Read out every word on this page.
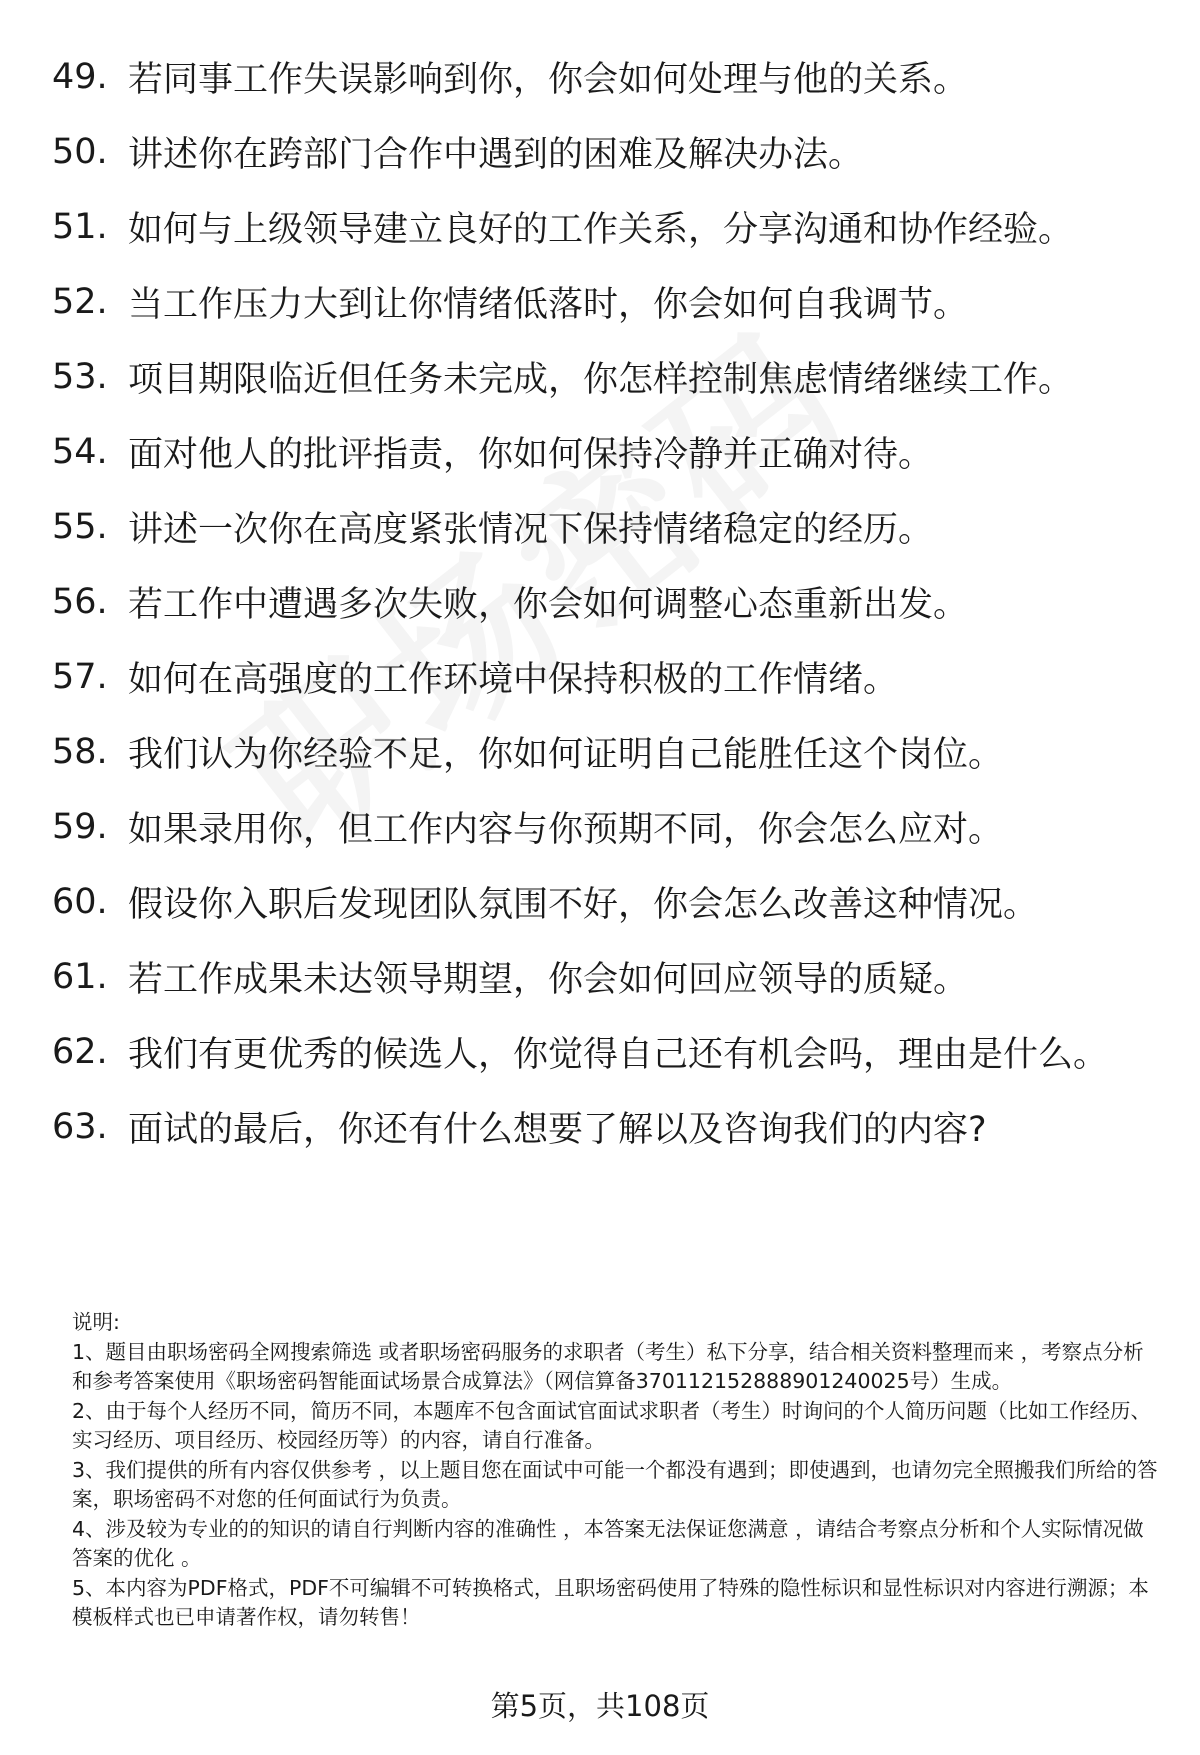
49. 若同事工作失误影响到你，你会如何处理与他的关系。
50. 讲述你在跨部门合作中遇到的困难及解决办法。
51. 如何与上级领导建立良好的工作关系，分享沟通和协作经验。
52. 当工作压力大到让你情绪低落时，你会如何自我调节。
53. 项目期限临近但任务未完成，你怎样控制焦虑情绪继续工作。
54. 面对他人的批评指责，你如何保持冷静并正确对待。
55. 讲述一次你在高度紧张情况下保持情绪稳定的经历。
56. 若工作中遭遇多次失败，你会如何调整心态重新出发。
57. 如何在高强度的工作环境中保持积极的工作情绪。
58. 我们认为你经验不足，你如何证明自己能胜任这个岗位。
59. 如果录用你，但工作内容与你预期不同，你会怎么应对。
60. 假设你入职后发现团队氛围不好，你会怎么改善这种情况。
61. 若工作成果未达领导期望，你会如何回应领导的质疑。
62. 我们有更优秀的候选人，你觉得自己还有机会吗，理由是什么。
63. 面试的最后，你还有什么想要了解以及咨询我们的内容?

说明:

1、题目由职场密码全网搜索筛选 或者职场密码服务的求职者（考生）私下分享，结合相关资料整理而来 ，考察点分析和参考答案使用《职场密码智能面试场景合成算法》（网信算备370112152888901240025号）生成。

2、由于每个人经历不同，简历不同，本题库不包含面试官面试求职者（考生）时询问的个人简历问题（比如工作经历、实习经历、项目经历、校园经历等）的内容，请自行准备。

3、我们提供的所有内容仅供参考 ，以上题目您在面试中可能一个都没有遇到；即使遇到，也请勿完全照搬我们所给的答案，职场密码不对您的任何面试行为负责。

4、涉及较为专业的的知识的请自行判断内容的准确性 ，本答案无法保证您满意 ，请结合考察点分析和个人实际情况做答案的优化 。

5、本内容为PDF格式，PDF不可编辑不可转换格式，且职场密码使用了特殊的隐性标识和显性标识对内容进行溯源；本模板样式也已申请著作权，请勿转售！

第5页，共108页
